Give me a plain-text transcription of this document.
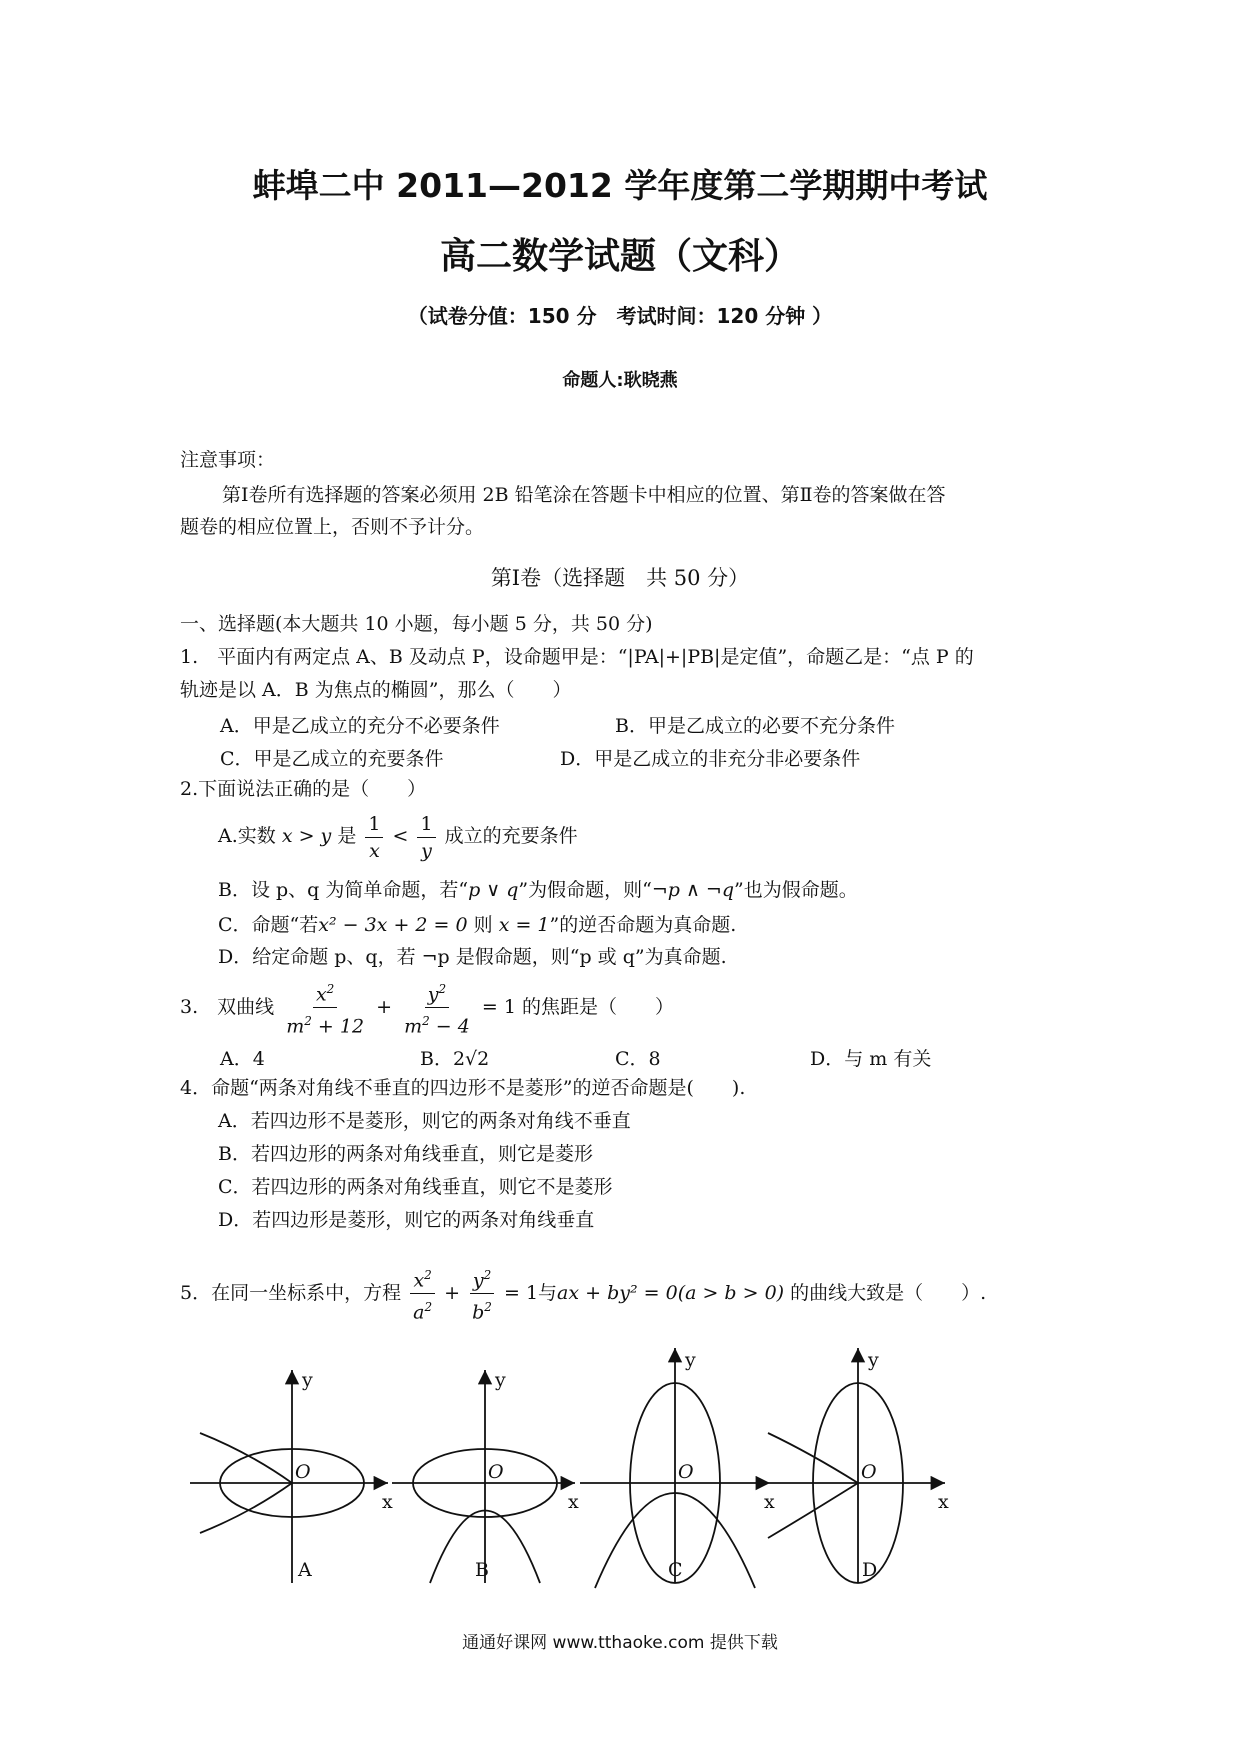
蚌埠二中 2011—2012 学年度第二学期期中考试
高二数学试题（文科）
（试卷分值：150 分　考试时间：120 分钟 ）
命题人:耿晓燕
注意事项：
第Ⅰ卷所有选择题的答案必须用 2B 铅笔涂在答题卡中相应的位置、第Ⅱ卷的答案做在答
题卷的相应位置上，否则不予计分。
第Ⅰ卷（选择题　共 50 分）
一、选择题(本大题共 10 小题，每小题 5 分，共 50 分)
1.　平面内有两定点 A、B 及动点 P，设命题甲是：“|PA|+|PB|是定值”，命题乙是：“点 P 的
轨迹是以 A．B 为焦点的椭圆”，那么（　　）
A．甲是乙成立的充分不必要条件	B．甲是乙成立的必要不充分条件
C．甲是乙成立的充要条件	D．甲是乙成立的非充分非必要条件
2.下面说法正确的是（　　）
A.实数 x > y 是 $\frac{1}{x} < \frac{1}{y}$ 成立的充要条件
B．设 p、q 为简单命题，若“p ∨ q”为假命题，则“¬p ∧ ¬q”也为假命题。
C．命题“若x² − 3x + 2 = 0 则 x = 1”的逆否命题为真命题.
D．给定命题 p、q，若 ¬p 是假命题，则“p 或 q”为真命题.
3.　双曲线 $\frac{x^2}{m^2 + 12} + \frac{y^2}{m^2 - 4} = 1$ 的焦距是（　　）
A．4	B．2√2	C．8	D．与 m 有关
4．命题“两条对角线不垂直的四边形不是菱形”的逆否命题是(　　).
A．若四边形不是菱形，则它的两条对角线不垂直
B．若四边形的两条对角线垂直，则它是菱形
C．若四边形的两条对角线垂直，则它不是菱形
D．若四边形是菱形，则它的两条对角线垂直
5．在同一坐标系中，方程 $\frac{x^2}{a^2} + \frac{y^2}{b^2} = 1$与ax + by² = 0(a > b > 0) 的曲线大致是（　　）.
y
x
O
y
x
O
y
x
O
y
x
O
A	B	C	D
通通好课网 www.tthaoke.com 提供下载
